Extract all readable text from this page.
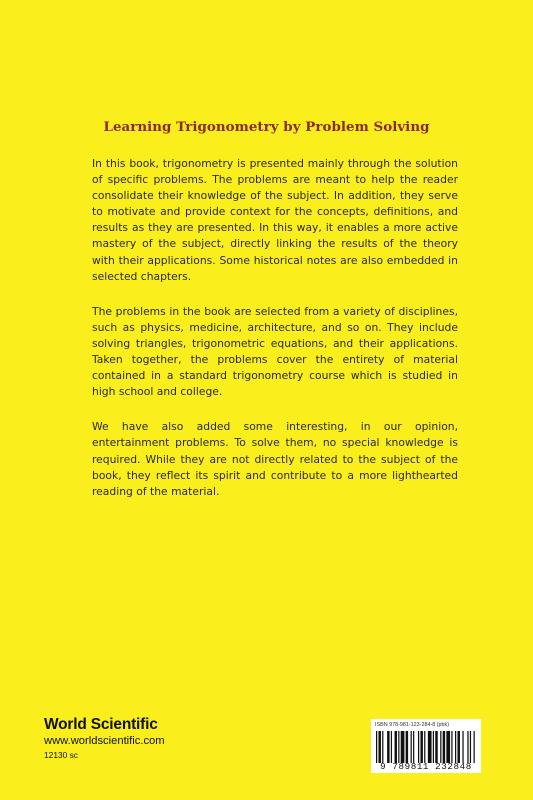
Learning Trigonometry by Problem Solving

In this book, trigonometry is presented mainly through the solution of specific problems. The problems are meant to help the reader consolidate their knowledge of the subject. In addition, they serve to motivate and provide context for the concepts, definitions, and results as they are presented. In this way, it enables a more active mastery of the subject, directly linking the results of the theory with their applications. Some historical notes are also embedded in selected chapters.

The problems in the book are selected from a variety of disciplines, such as physics, medicine, architecture, and so on. They include solving triangles, trigonometric equations, and their applications. Taken together, the problems cover the entirety of material contained in a standard trigonometry course which is studied in high school and college.

We have also added some interesting, in our opinion, entertainment problems. To solve them, no special knowledge is required. While they are not directly related to the subject of the book, they reflect its spirit and contribute to a more lighthearted reading of the material.

World Scientific
www.worldscientific.com
12130 sc
ISBN 978-981-123-284-8 (pbk)
9 789811 232848
